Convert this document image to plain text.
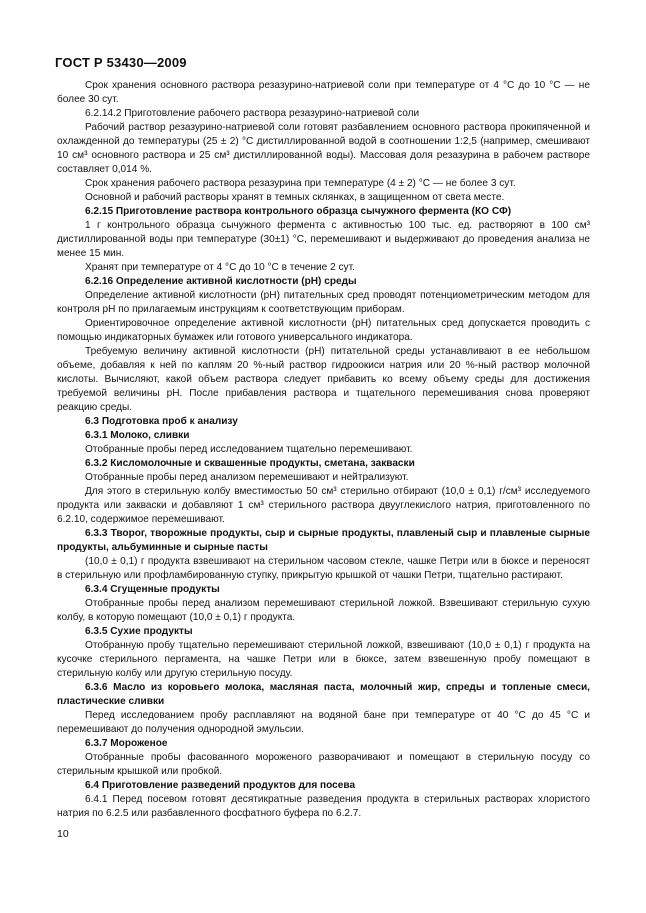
ГОСТ Р 53430—2009

Срок хранения основного раствора резазурино-натриевой соли при температуре от 4 °С до 10 °С — не более 30 сут.

6.2.14.2 Приготовление рабочего раствора резазурино-натриевой соли

Рабочий раствор резазурино-натриевой соли готовят разбавлением основного раствора прокипяченной и охлажденной до температуры (25 ± 2) °С дистиллированной водой в соотношении 1:2,5 (например, смешивают 10 см³ основного раствора и 25 см³ дистиллированной воды). Массовая доля резазурина в рабочем растворе составляет 0,014 %.

Срок хранения рабочего раствора резазурина при температуре (4 ± 2) °С — не более 3 сут.

Основной и рабочий растворы хранят в темных склянках, в защищенном от света месте.

6.2.15 Приготовление раствора контрольного образца сычужного фермента (КО СФ)

1 г контрольного образца сычужного фермента с активностью 100 тыс. ед. растворяют в 100 см³ дистиллированной воды при температуре (30±1) °С, перемешивают и выдерживают до проведения анализа не менее 15 мин.

Хранят при температуре от 4 °С до 10 °С в течение 2 сут.

6.2.16 Определение активной кислотности (рН) среды

Определение активной кислотности (рН) питательных сред проводят потенциометрическим методом для контроля рН по прилагаемым инструкциям к соответствующим приборам.

Ориентировочное определение активной кислотности (рН) питательных сред допускается проводить с помощью индикаторных бумажек или готового универсального индикатора.

Требуемую величину активной кислотности (рН) питательной среды устанавливают в ее небольшом объеме, добавляя к ней по каплям 20 %-ный раствор гидроокиси натрия или 20 %-ный раствор молочной кислоты. Вычисляют, какой объем раствора следует прибавить ко всему объему среды для достижения требуемой величины рН. После прибавления раствора и тщательного перемешивания снова проверяют реакцию среды.

6.3 Подготовка проб к анализу

6.3.1 Молоко, сливки

Отобранные пробы перед исследованием тщательно перемешивают.

6.3.2 Кисломолочные и сквашенные продукты, сметана, закваски

Отобранные пробы перед анализом перемешивают и нейтрализуют.

Для этого в стерильную колбу вместимостью 50 см³ стерильно отбирают (10,0 ± 0,1) г/см³ исследуемого продукта или закваски и добавляют 1 см³ стерильного раствора двууглекислого натрия, приготовленного по 6.2.10, содержимое перемешивают.

6.3.3 Творог, творожные продукты, сыр и сырные продукты, плавленый сыр и плавленые сырные продукты, альбуминные и сырные пасты

(10,0 ± 0,1) г продукта взвешивают на стерильном часовом стекле, чашке Петри или в бюксе и переносят в стерильную или профламбированную ступку, прикрытую крышкой от чашки Петри, тщательно растирают.

6.3.4 Сгущенные продукты

Отобранные пробы перед анализом перемешивают стерильной ложкой. Взвешивают стерильную сухую колбу, в которую помещают (10,0 ± 0,1) г продукта.

6.3.5 Сухие продукты

Отобранную пробу тщательно перемешивают стерильной ложкой, взвешивают (10,0 ± 0,1) г продукта на кусочке стерильного пергамента, на чашке Петри или в бюксе, затем взвешенную пробу помещают в стерильную колбу или другую стерильную посуду.

6.3.6 Масло из коровьего молока, масляная паста, молочный жир, спреды и топленые смеси, пластические сливки

Перед исследованием пробу расплавляют на водяной бане при температуре от 40 °С до 45 °С и перемешивают до получения однородной эмульсии.

6.3.7 Мороженое

Отобранные пробы фасованного мороженого разворачивают и помещают в стерильную посуду со стерильным крышкой или пробкой.

6.4 Приготовление разведений продуктов для посева

6.4.1 Перед посевом готовят десятикратные разведения продукта в стерильных растворах хлористого натрия по 6.2.5 или разбавленного фосфатного буфера по 6.2.7.

10
